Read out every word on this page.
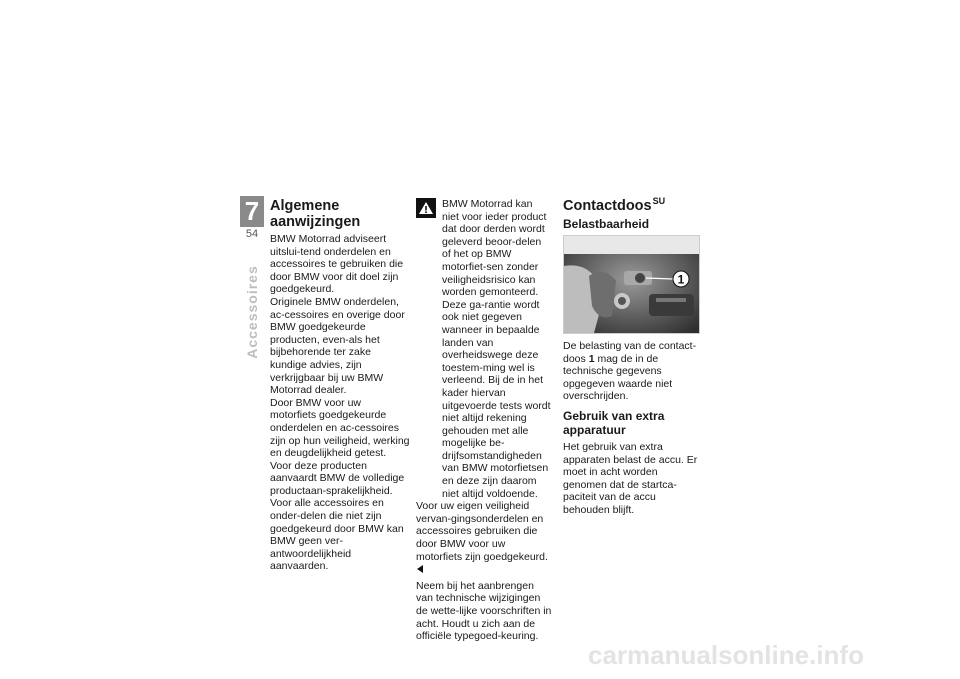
7
54
Accessoires
Algemene aanwijzingen

BMW Motorrad adviseert uitslui-tend onderdelen en accessoires te gebruiken die door BMW voor dit doel zijn goedgekeurd.

Originele BMW onderdelen, ac-cessoires en overige door BMW goedgekeurde producten, even-als het bijbehorende ter zake kundige advies, zijn verkrijgbaar bij uw BMW Motorrad dealer.

Door BMW voor uw motorfiets goedgekeurde onderdelen en ac-cessoires zijn op hun veiligheid, werking en deugdelijkheid getest. Voor deze producten aanvaardt BMW de volledige productaan-sprakelijkheid.

Voor alle accessoires en onder-delen die niet zijn goedgekeurd door BMW kan BMW geen ver-antwoordelijkheid aanvaarden.

BMW Motorrad kan niet voor ieder product dat door derden wordt geleverd beoor-delen of het op BMW motorfiet-sen zonder veiligheidsrisico kan worden gemonteerd. Deze ga-rantie wordt ook niet gegeven wanneer in bepaalde landen van overheidswege deze toestem-ming wel is verleend. Bij de in het kader hiervan uitgevoerde tests wordt niet altijd rekening gehouden met alle mogelijke be-drijfsomstandigheden van BMW motorfietsen en deze zijn daarom niet altijd voldoende.

Voor uw eigen veiligheid vervan-gingsonderdelen en accessoires gebruiken die door BMW voor uw motorfiets zijn goedgekeurd.

Neem bij het aanbrengen van technische wijzigingen de wette-lijke voorschriften in acht. Houdt u zich aan de officiële typegoed-keuring.

Contactdoos$^{SU}$
Belastbaarheid
1

De belasting van de contact-doos 1 mag de in de technische gegevens opgegeven waarde niet overschrijden.

Gebruik van extra apparatuur

Het gebruik van extra apparaten belast de accu. Er moet in acht worden genomen dat de startca-paciteit van de accu behouden blijft.

carmanualsonline.info
